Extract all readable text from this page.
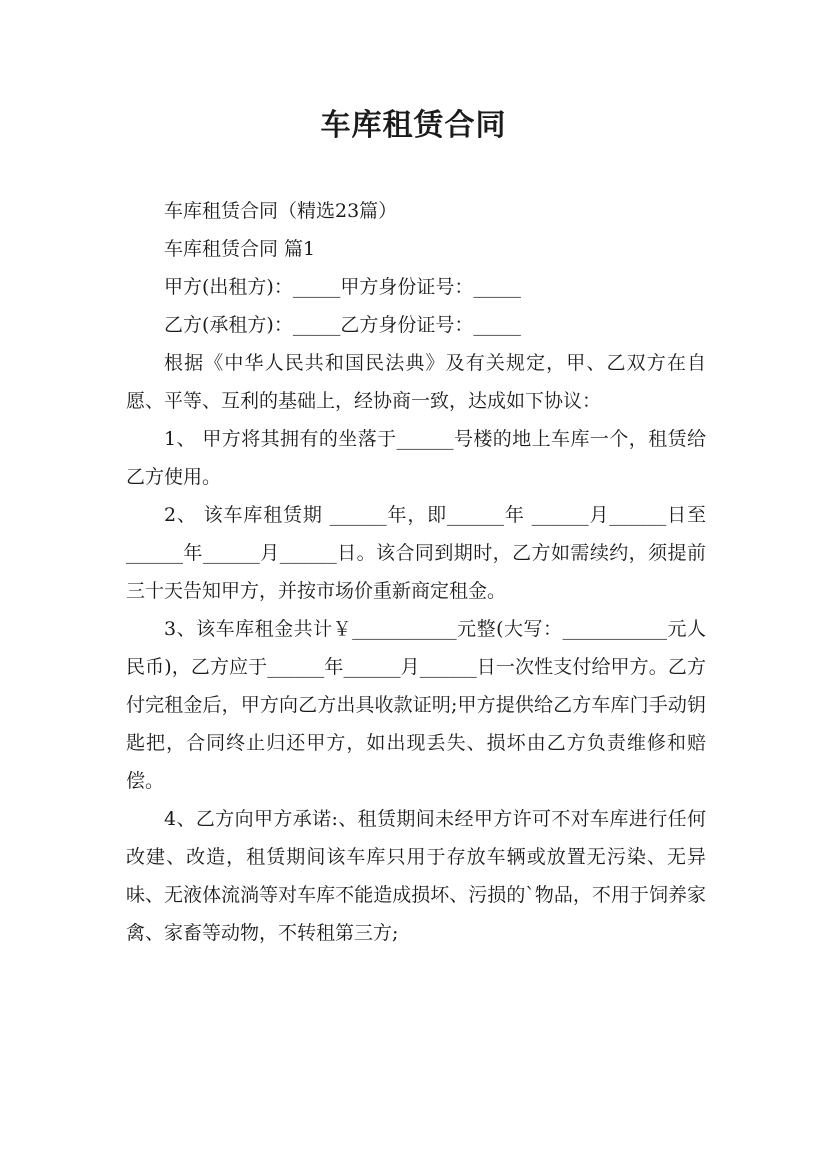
车库租赁合同

车库租赁合同（精选23篇）

车库租赁合同 篇1

甲方(出租方)：_____甲方身份证号：_____

乙方(承租方)：_____乙方身份证号：_____

根据《中华人民共和国民法典》及有关规定，甲、乙双方在自愿、平等、互利的基础上，经协商一致，达成如下协议：

1、 甲方将其拥有的坐落于______号楼的地上车库一个，租赁给乙方使用。

2、 该车库租赁期 ______年，即______年 ______月______日至 ______年______月______日。该合同到期时，乙方如需续约，须提前三十天告知甲方，并按市场价重新商定租金。

3、该车库租金共计￥___________元整(大写：___________元人民币)，乙方应于______年______月______日一次性支付给甲方。乙方付完租金后，甲方向乙方出具收款证明;甲方提供给乙方车库门手动钥匙把，合同终止归还甲方，如出现丢失、损坏由乙方负责维修和赔偿。

4、乙方向甲方承诺:、租赁期间未经甲方许可不对车库进行任何改建、改造，租赁期间该车库只用于存放车辆或放置无污染、无异味、无液体流淌等对车库不能造成损坏、污损的`物品，不用于饲养家禽、家畜等动物，不转租第三方;
